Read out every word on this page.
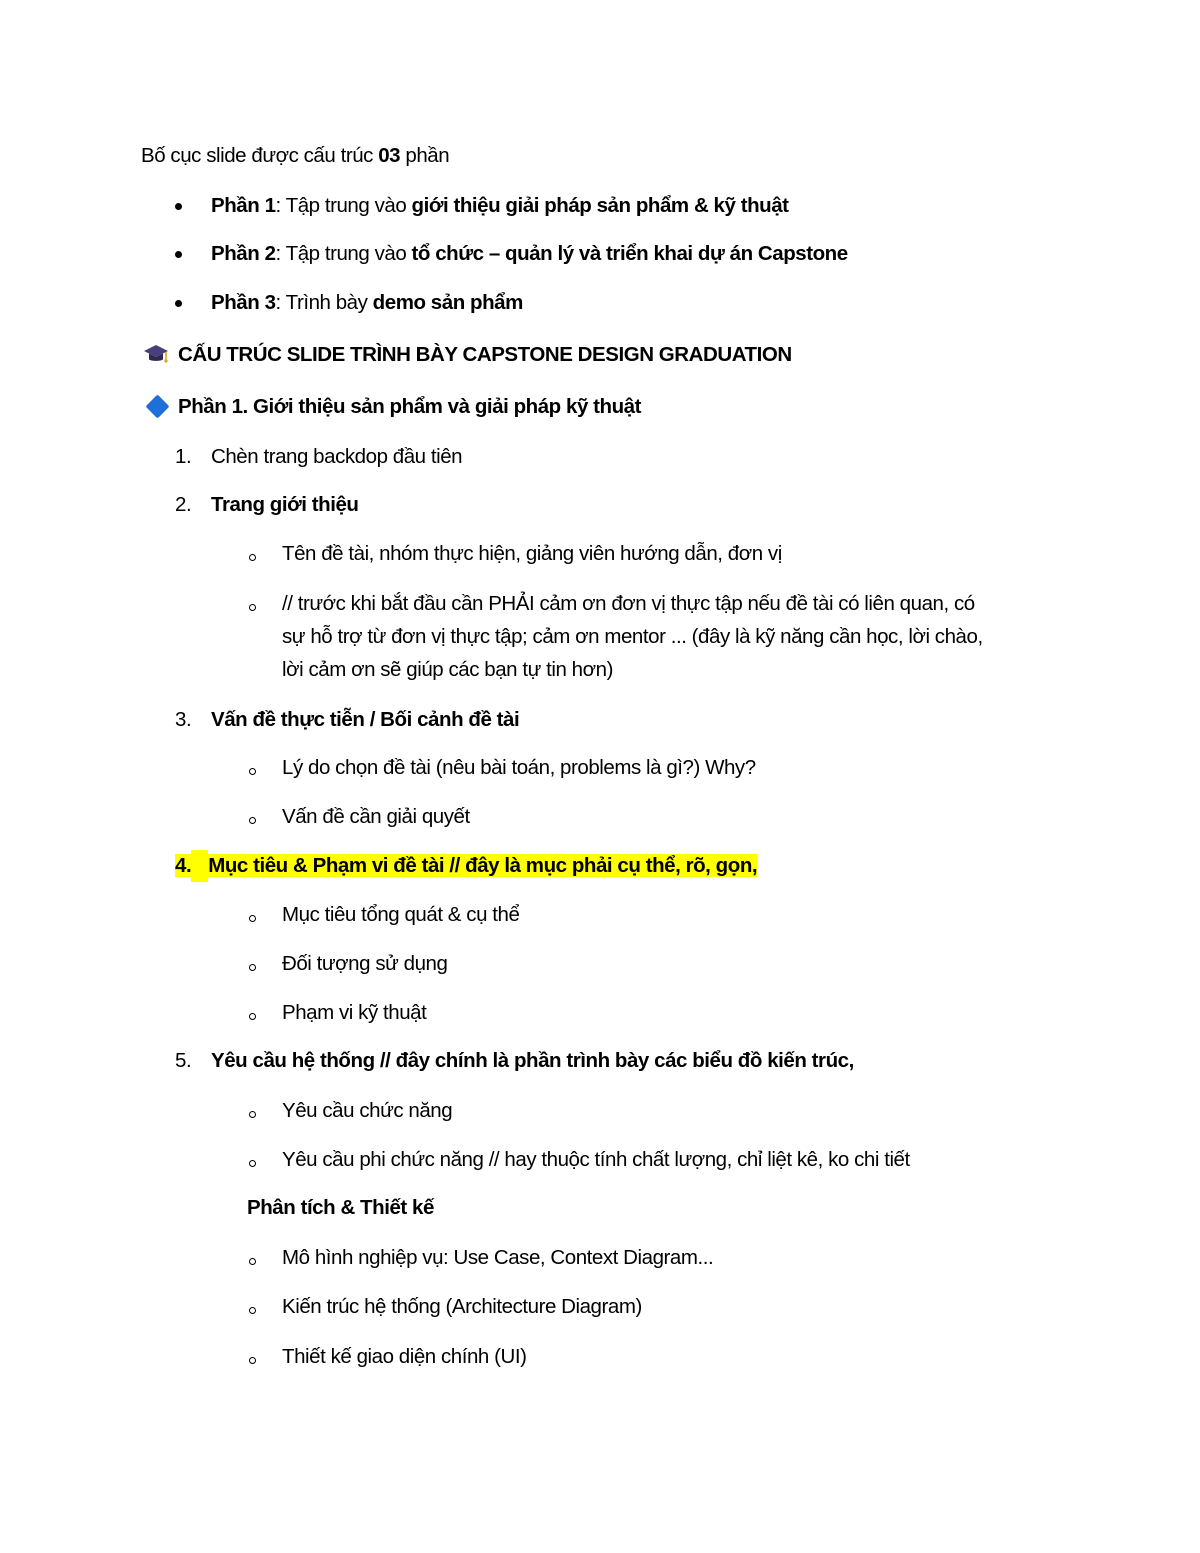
Bố cục slide được cấu trúc 03 phần
Phần 1: Tập trung vào giới thiệu giải pháp sản phẩm & kỹ thuật
Phần 2: Tập trung vào tổ chức – quản lý và triển khai dự án Capstone
Phần 3: Trình bày demo sản phẩm
CẤU TRÚC SLIDE TRÌNH BÀY CAPSTONE DESIGN GRADUATION
Phần 1. Giới thiệu sản phẩm và giải pháp kỹ thuật
1. Chèn trang backdop đầu tiên
2. Trang giới thiệu
Tên đề tài, nhóm thực hiện, giảng viên hướng dẫn, đơn vị
// trước khi bắt đầu cần PHẢI cảm ơn đơn vị thực tập nếu đề tài có liên quan, có
sự hỗ trợ từ đơn vị thực tập; cảm ơn mentor ... (đây là kỹ năng cần học, lời chào,
lời cảm ơn sẽ giúp các bạn tự tin hơn)
3. Vấn đề thực tiễn / Bối cảnh đề tài
Lý do chọn đề tài (nêu bài toán, problems là gì?) Why?
Vấn đề cần giải quyết
4. Mục tiêu & Phạm vi đề tài // đây là mục phải cụ thể, rõ, gọn,
Mục tiêu tổng quát & cụ thể
Đối tượng sử dụng
Phạm vi kỹ thuật
5. Yêu cầu hệ thống // đây chính là phần trình bày các biểu đồ kiến trúc,
Yêu cầu chức năng
Yêu cầu phi chức năng // hay thuộc tính chất lượng, chỉ liệt kê, ko chi tiết
Phân tích & Thiết kế
Mô hình nghiệp vụ: Use Case, Context Diagram...
Kiến trúc hệ thống (Architecture Diagram)
Thiết kế giao diện chính (UI)
